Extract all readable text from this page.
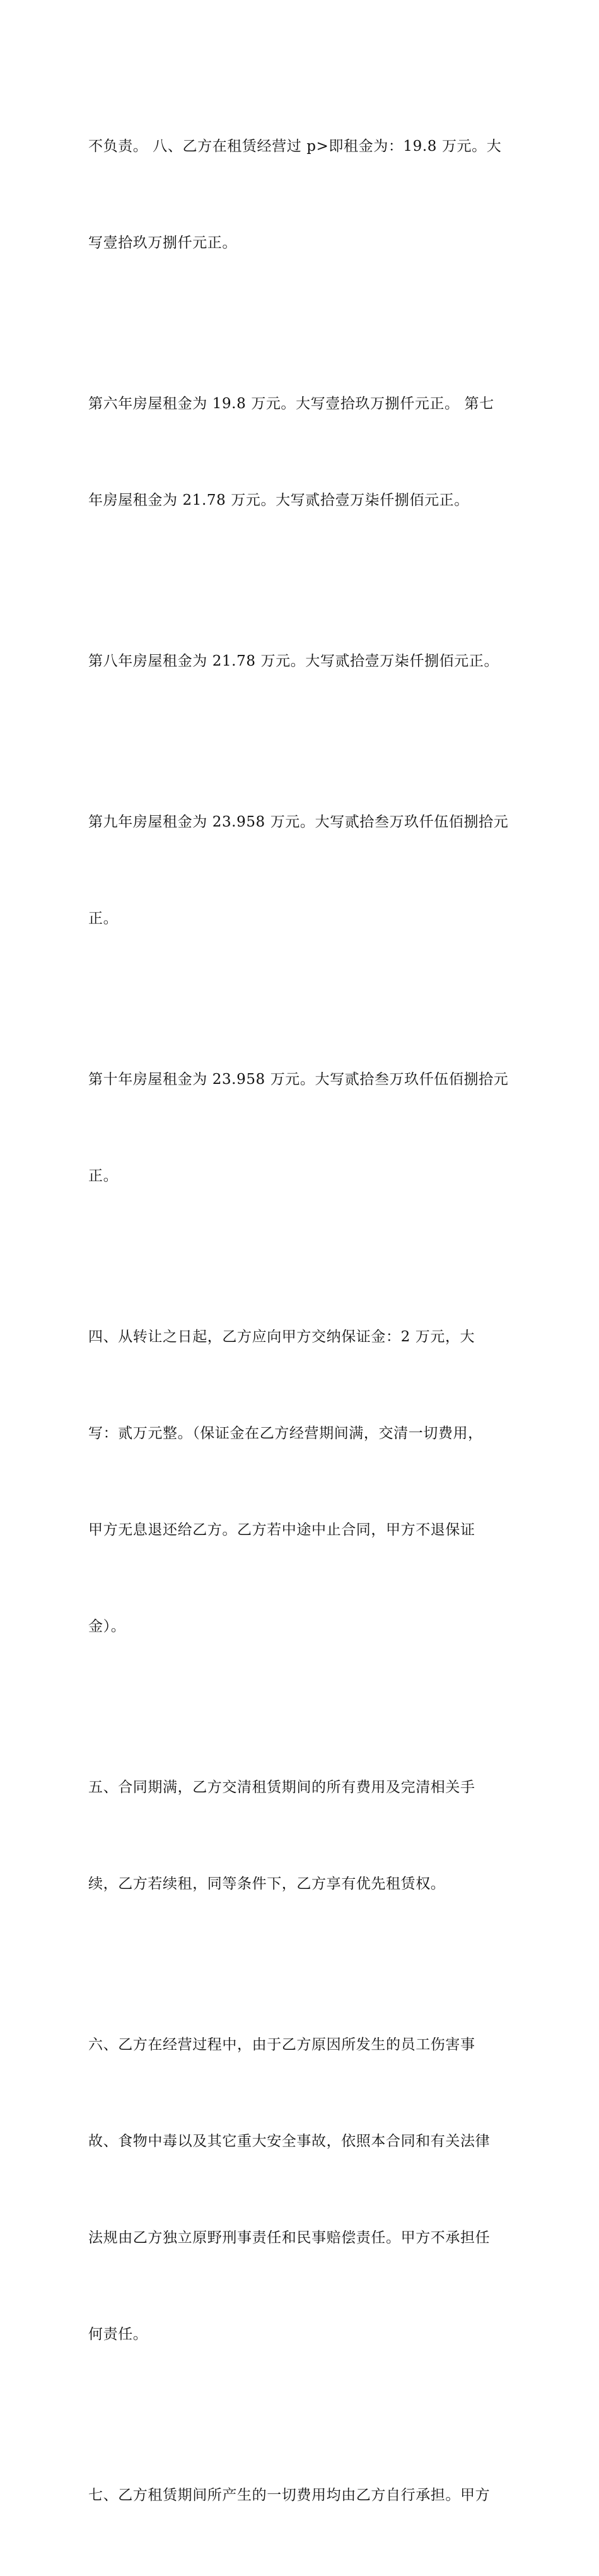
不负责。 八、乙方在租赁经营过 p>即租金为：19.8 万元。大

写壹拾玖万捌仟元正。

第六年房屋租金为 19.8 万元。大写壹拾玖万捌仟元正。 第七

年房屋租金为 21.78 万元。大写贰拾壹万柒仟捌佰元正。

第八年房屋租金为 21.78 万元。大写贰拾壹万柒仟捌佰元正。

第九年房屋租金为 23.958 万元。大写贰拾叁万玖仟伍佰捌拾元

正。

第十年房屋租金为 23.958 万元。大写贰拾叁万玖仟伍佰捌拾元

正。

四、从转让之日起，乙方应向甲方交纳保证金：2 万元，大

写：贰万元整。（保证金在乙方经营期间满，交清一切费用，

甲方无息退还给乙方。乙方若中途中止合同，甲方不退保证

金）。

五、合同期满，乙方交清租赁期间的所有费用及完清相关手

续，乙方若续租，同等条件下，乙方享有优先租赁权。

六、乙方在经营过程中，由于乙方原因所发生的员工伤害事

故、食物中毒以及其它重大安全事故，依照本合同和有关法律

法规由乙方独立原野刑事责任和民事赔偿责任。甲方不承担任

何责任。

七、乙方租赁期间所产生的一切费用均由乙方自行承担。甲方
